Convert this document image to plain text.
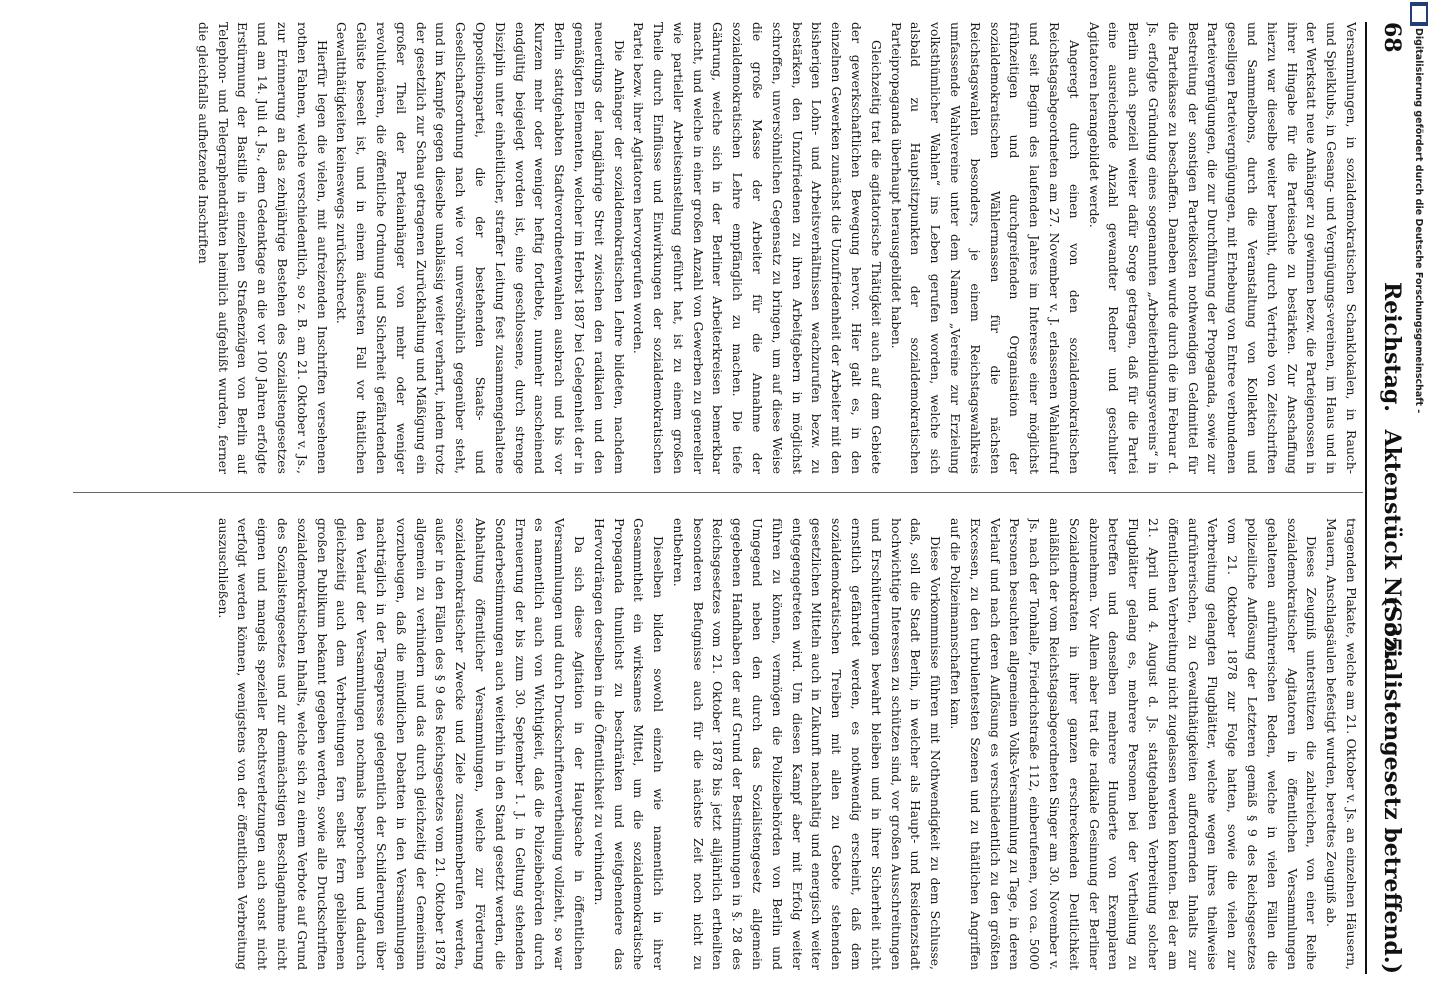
68
Reichstag. Aktenstück Nr. 35.
(Sozialistengesetz betreffend.)

Versammlungen, in sozialdemokratischen Schanklokalen, in Rauch- und Spielklubs, in Gesang- und Vergnügungs-vereinen, im Haus und in der Werkstatt neue Anhänger zu gewinnen bezw. die Parteigenossen in ihrer Hingabe für die Parteisache zu bestärken. Zur Anschaffung hierzu war dieselbe weiter bemüht, durch Vertrieb von Zeitschriften und Sammelbons, durch die Veranstaltung von Kollekten und geselligen Parteivergnügungen, mit Erhebung von Entree verbundenen Parteivergnügungen, die zur Durchführung der Propaganda, sowie zur Bestreitung der sonstigen Parteikosten nothwendigen Geldmittel für die Parteikasse zu beschaffen. Daneben wurde durch die im Februar d. Js. erfolgte Gründung eines sogenannten „Arbeiterbildungsvereins“ in Berlin auch speziell weiter dafür Sorge getragen, daß für die Partei eine ausreichende Anzahl gewandter Redner und geschulter Agitatoren herangebildet werde.

Angeregt durch einen von den sozialdemokratischen Reichstagsabgeordneten am 27. November v. J. erlassenen Wahlaufruf und seit Beginn des laufenden Jahres im Interesse einer möglichst frühzeitigen und durchgreifenden Organisation der sozialdemokratischen Wählermassen für die nächsten Reichstagswahlen besonders, je einem Reichstagswahlkreis umfassende Wahlvereine unter dem Namen „Vereine zur Erzielung volksthümlicher Wahlen“ ins Leben gerufen worden, welche sich alsbald zu Hauptsitzpunkten der sozialdemokratischen Parteipropaganda überhaupt herausgebildet haben.

Gleichzeitig trat die agitatorische Thätigkeit auch auf dem Gebiete der gewerkschaftlichen Bewegung hervor. Hier galt es, in den einzelnen Gewerken zunächst die Unzufriedenheit der Arbeiter mit den bisherigen Lohn- und Arbeitsverhältnissen wachzurufen bezw. zu bestärken, den Unzufriedenen zu ihren Arbeitgebern in möglichst schroffen, unversöhnlichen Gegensatz zu bringen, um auf diese Weise die große Masse der Arbeiter für die Annahme der sozialdemokratischen Lehre empfänglich zu machen. Die tiefe Gährung, welche sich in der Berliner Arbeiterkreisen bemerkbar macht, und welche in einer großen Anzahl von Gewerben zu genereller wie partieller Arbeitseinstellung geführt hat, ist zu einem großen Theile durch Einflüsse und Einwirkungen der sozialdemokratischen Partei bezw. ihrer Agitatoren hervorgerufen worden.

Die Anhänger der sozialdemokratischen Lehre bildeten, nachdem neuerdings der langjährige Streit zwischen den radikalen und den gemäßigten Elementen, welcher im Herbst 1887 bei Gelegenheit der in Berlin stattgehabten Stadtverordnetenwahlen ausbrach und bis vor Kurzem mehr oder weniger heftig fortlebte, nunmehr anscheinend endgültig beigelegt worden ist, eine geschlossene, durch strenge Disziplin unter einheitlicher, straffer Leitung fest zusammengehaltene Oppositionspartei, die der bestehenden Staats- und Gesellschaftsordnung nach wie vor unversöhnlich gegenüber steht, und im Kampfe gegen dieselbe unablässig weiter verharrt, indem trotz der gesetzlich zur Schau getragenen Zurückhaltung und Mäßigung ein großer Theil der Parteianhänger von mehr oder weniger revolutionären, die öffentliche Ordnung und Sicherheit gefährdenden Gelüste beseelt ist, und in einem äußersten Fall vor thätlichen Gewaltthätigkeiten keineswegs zurückschreckt.

Hierfür legen die vielen, mit aufreizenden Inschriften versehenen rothen Fahnen, welche verschiedentlich, so z. B. am 21. Oktober v. Js., zur Erinnerung an das zehnjährige Bestehen des Sozialistengesetzes und am 14. Juli d. Js., dem Gedenktage an die vor 100 Jahren erfolgte Erstürmung der Bastille in einzelnen Straßenzügen von Berlin auf Telephon- und Telegraphendrähten heimlich aufgehißt wurden, ferner die gleichfalls aufhetzende Inschriften

tragenden Plakate, welche am 21. Oktober v. Js. an einzelnen Häusern, Mauern, Anschlagsäulen befestigt wurden, beredtes Zeugniß ab.

Dieses Zeugniß unterstützen die zahlreichen, von einer Reihe sozialdemokratischer Agitatoren in öffentlichen Versammlungen gehaltenen aufrührerischen Reden, welche in vielen Fällen die polizeiliche Auflösung der Letzteren gemäß § 9 des Reichsgesetzes vom 21. Oktober 1878 zur Folge hatten, sowie die vielen zur Verbreitung gelangten Flugblätter, welche wegen ihres theilweise aufrührerischen, zu Gewaltthätigkeiten auffordernden Inhalts zur öffentlichen Verbreitung nicht zugelassen werden konnten. Bei der am 21. April und 4. August d. Js. stattgehabten Verbreitung solcher Flugblätter gelang es, mehrere Personen bei der Vertheilung zu betreffen und denselben mehrere Hunderte von Exemplaren abzunehmen. Vor Allem aber trat die radikale Gesinnung der Berliner Sozialdemokraten in ihrer ganzen erschreckenden Deutlichkeit anläßlich der vom Reichstagsabgeordneten Singer am 30. November v. Js. nach der Tonhalle, Friedrichstraße 112, einberufenen, von ca. 5000 Personen besuchten allgemeinen Volks-Versammlung zu Tage, in deren Verlauf und nach deren Auflösung es verschiedentlich zu den größten Excessen, zu den turbulentesten Szenen und zu thätlichen Angriffen auf die Polizeimannschaften kam.

Diese Vorkommnisse führen mit Nothwendigkeit zu dem Schlusse, daß, soll die Stadt Berlin, in welcher als Haupt- und Residenzstadt hochwichtige Interessen zu schützen sind, vor großen Ausschreitungen und Erschütterungen bewahrt bleiben und in ihrer Sicherheit nicht ernstlich gefährdet werden, es nothwendig erscheint, daß dem sozialdemokratischen Treiben mit allen zu Gebote stehenden gesetzlichen Mitteln auch in Zukunft nachhaltig und energisch weiter entgegengetreten wird. Um diesen Kampf aber mit Erfolg weiter führen zu können, vermögen die Polizeibehörden von Berlin und Umgegend neben den durch das Sozialistengesetz allgemein gegebenen Handhaben der auf Grund der Bestimmungen in §. 28 des Reichsgesetzes vom 21. Oktober 1878 bis jetzt alljährlich ertheilten besonderen Befugnisse auch für die nächste Zeit noch nicht zu entbehren.

Dieselben bilden sowohl einzeln wie namentlich in ihrer Gesammtheit ein wirksames Mittel, um die sozialdemokratische Propaganda thunlichst zu beschränken und weitgehendere das Hervordrängen derselben in die Öffentlichkeit zu verhindern.

Da sich diese Agitation in der Hauptsache in öffentlichen Versammlungen und durch Druckschriftenvertheilung vollzieht, so war es namentlich auch von Wichtigkeit, daß die Polizeibehörden durch Erneuerung der bis zum 30. September 1. J. in Geltung stehenden Sonderbestimmungen auch weiterhin in den Stand gesetzt werden, die Abhaltung öffentlicher Versammlungen, welche zur Förderung sozialdemokratischer Zwecke und Ziele zusammenberufen werden, außer in den Fällen des § 9 des Reichsgesetzes vom 21. Oktober 1878 allgemein zu verhindern und das durch gleichzeitig der Gemeinsinn vorzubeugen, daß die mündlichen Debatten in den Versammlungen nachträglich in der Tagespresse gelegentlich der Schilderungen über den Verlauf der Versammlungen nochmals besprochen und dadurch gleichzeitig auch dem Verbreitungen fern selbst fern gebliebenen großen Publikum bekannt gegeben werden, sowie alle Druckschriften sozialdemokratischen Inhalts, welche sich zu einem Verbote auf Grund des Sozialistengesetzes und zur demnächstigen Beschlagnahme nicht eignen und mangels spezieller Rechtsverletzungen auch sonst nicht verfolgt werden können, wenigstens von der öffentlichen Verbreitung auszuschließen.

Digitalisierung gefördert durch die Deutsche Forschungsgemeinschaft -
